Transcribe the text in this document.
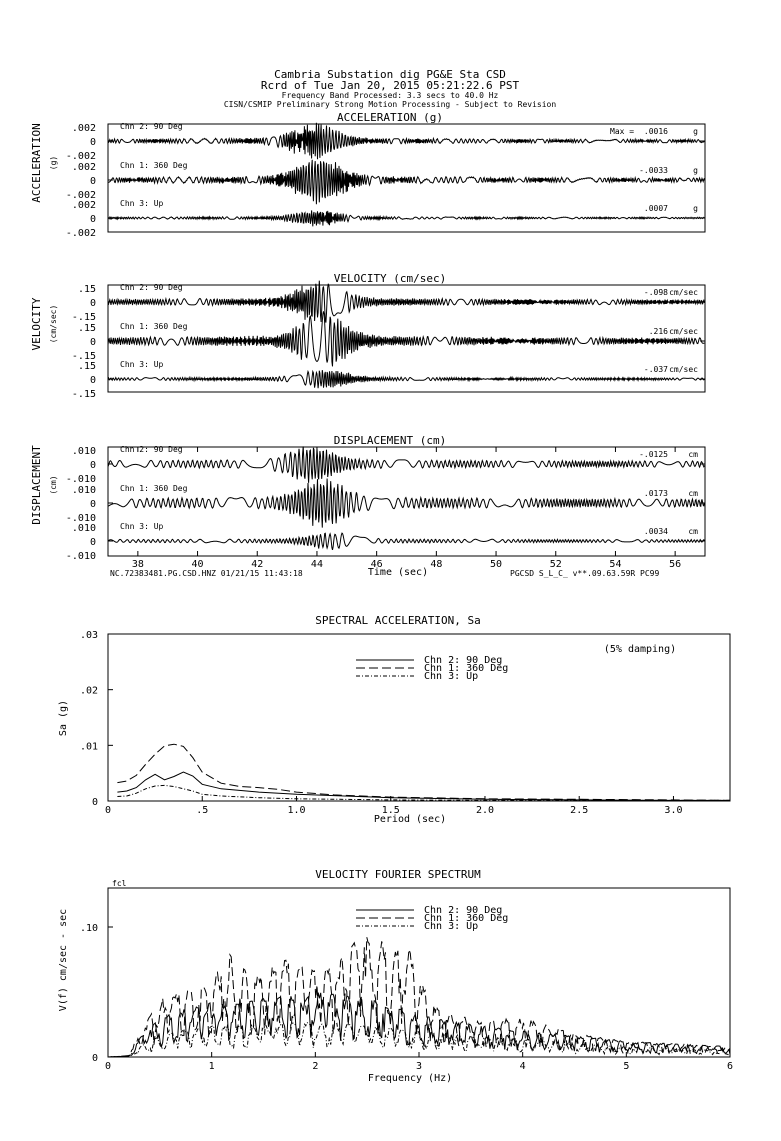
Cambria Substation dig PG&E Sta CSD
Rcrd of Tue Jan 20, 2015 05:21:22.6 PST
Frequency Band Processed: 3.3 secs to 40.0 Hz
CISN/CSMIP Preliminary Strong Motion Processing - Subject to Revision
ACCELERATION (g)
ACCELERATION (g)
.002
0
-.002
Chn 2: 90 Deg
Max = .0016	g
.002
0
-.002
Chn 1: 360 Deg
-.0033	g
.002
0
-.002
Chn 3: Up
.0007	g
VELOCITY (cm/sec)
VELOCITY (cm/sec)
.15
0
-.15
Chn 2: 90 Deg
-.098 cm/sec
.15
0
-.15
Chn 1: 360 Deg
.216 cm/sec
.15
0
-.15
Chn 3: Up
-.037 cm/sec
DISPLACEMENT (cm)
DISPLACEMENT (cm)
.010
0
-.010
Chn 2: 90 Deg
-.0125	cm
.010
0
-.010
Chn 1: 360 Deg
.0173	cm
.010
0
-.010
Chn 3: Up
.0034	cm
38	40	42	44	46	48	50	52	54	56
Time (sec)
NC.72383481.PG.CSD.HNZ 01/21/15 11:43:18	PGCSD S_L_C_ v**.09.63.59R PC99
SPECTRAL ACCELERATION, Sa
(5% damping)
Period (sec)
Sa (g)
0	.5	1.0	1.5	2.0	2.5	3.0
0
.01
.02
.03
Chn 2: 90 Deg
Chn 1: 360 Deg
Chn 3: Up
VELOCITY FOURIER SPECTRUM
fcl
Frequency (Hz)
V(f) cm/sec - sec
0	1	2	3	4	5	6
0
.10
Chn 2: 90 Deg
Chn 1: 360 Deg
Chn 3: Up
